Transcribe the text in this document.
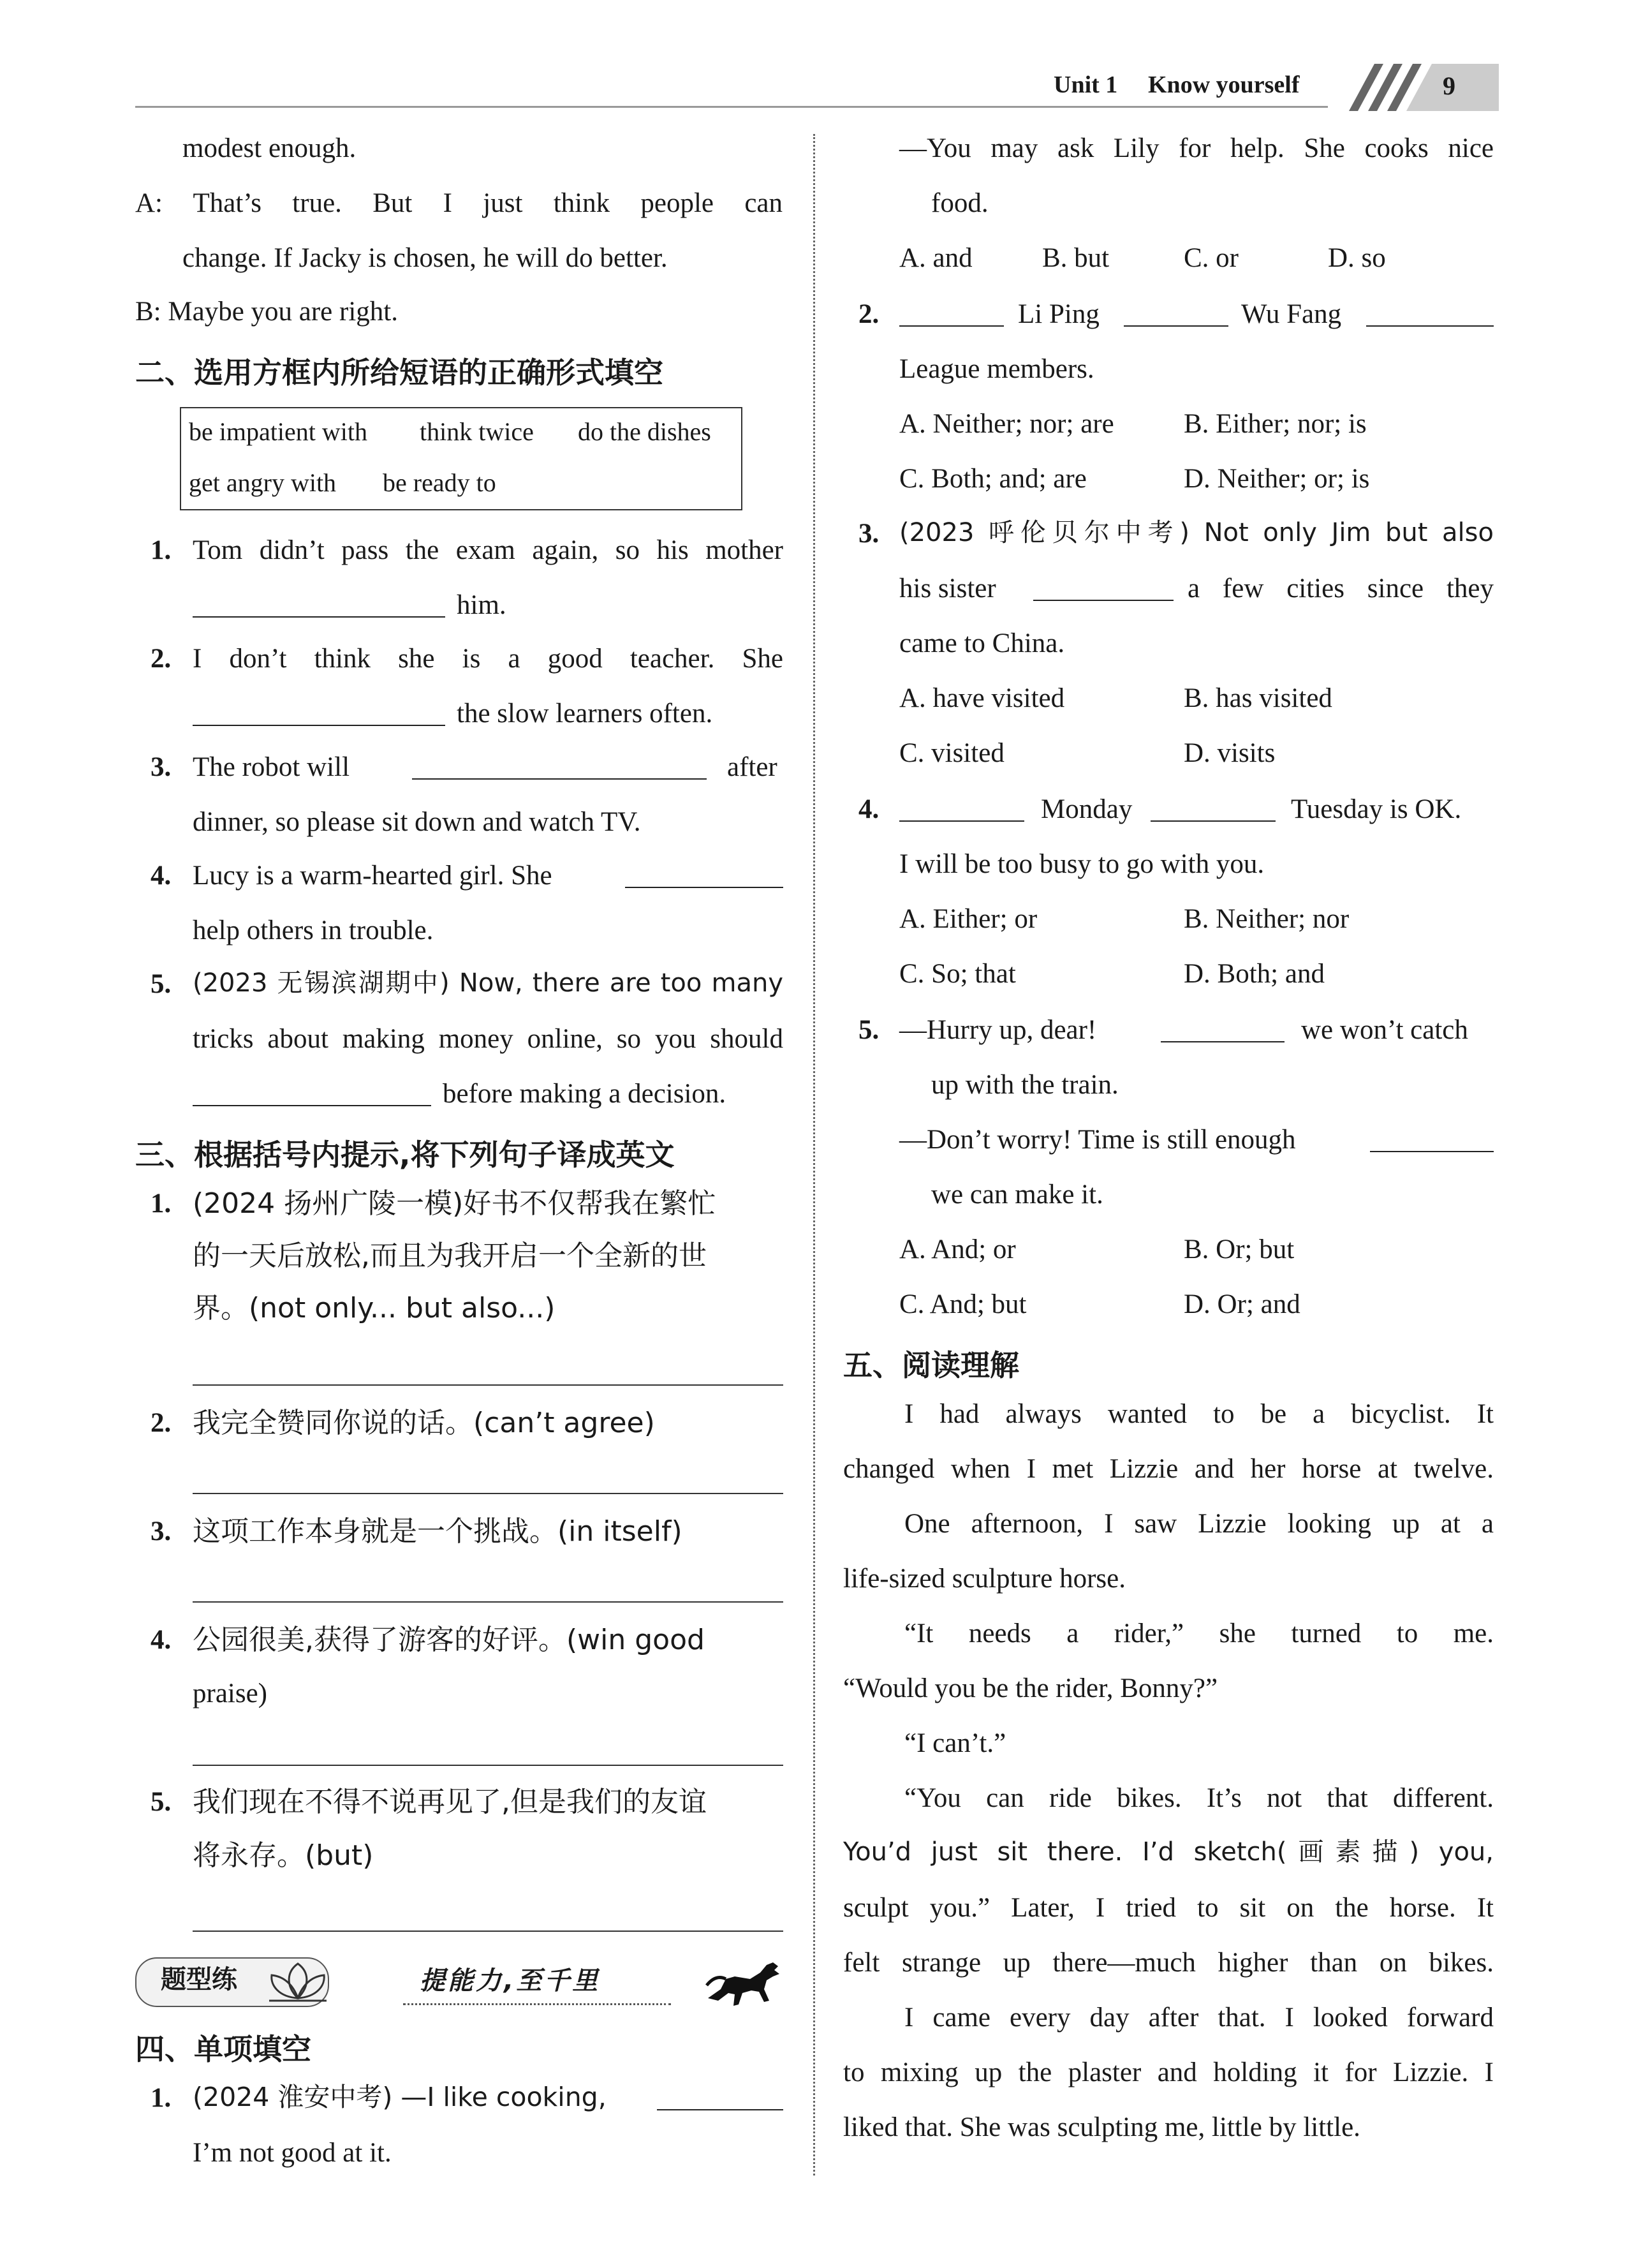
Unit 1 Know yourself	9
modest enough.
A: That’s true. But I just think people can
change. If Jacky is chosen, he will do better.
B: Maybe you are right.
二、选用方框内所给短语的正确形式填空
be impatient with think twice do the dishes
get angry with be ready to
1. Tom didn’t pass the exam again, so his mother
him.
2. I don’t think she is a good teacher. She
the slow learners often.
3. The robot will	after
dinner, so please sit down and watch TV.
4. Lucy is a warm-hearted girl. She
help others in trouble.
5. (2023 无锡滨湖期中) Now, there are too many
tricks about making money online, so you should
before making a decision.
三、根据括号内提示,将下列句子译成英文
1. (2024 扬州广陵一模)好书不仅帮我在繁忙
的一天后放松,而且为我开启一个全新的世
界。(not only... but also...)
2. 我完全赞同你说的话。(can’t agree)
3. 这项工作本身就是一个挑战。(in itself)
4. 公园很美,获得了游客的好评。(win good
praise)
5. 我们现在不得不说再见了,但是我们的友谊
将永存。(but)
题型练	提能力,至千里
四、单项填空
1. (2024 淮安中考) —I like cooking,
I’m not good at it.
—You may ask Lily for help. She cooks nice
food.
A. and	B. but	C. or	D. so
2.	Li Ping	Wu Fang
League members.
A. Neither; nor; are	B. Either; nor; is
C. Both; and; are	D. Neither; or; is
3. (2023 呼伦贝尔中考) Not only Jim but also
his sister	a few cities since they
came to China.
A. have visited	B. has visited
C. visited	D. visits
4.	Monday	Tuesday is OK.
I will be too busy to go with you.
A. Either; or	B. Neither; nor
C. So; that	D. Both; and
5. —Hurry up, dear!	we won’t catch
up with the train.
—Don’t worry! Time is still enough
we can make it.
A. And; or	B. Or; but
C. And; but	D. Or; and
五、阅读理解
I had always wanted to be a bicyclist. It
changed when I met Lizzie and her horse at twelve.
One afternoon, I saw Lizzie looking up at a
life-sized sculpture horse.
“It needs a rider,” she turned to me.
“Would you be the rider, Bonny?”
“I can’t.”
“You can ride bikes. It’s not that different.
You’d just sit there. I’d sketch(画素描) you,
sculpt you.” Later, I tried to sit on the horse. It
felt strange up there—much higher than on bikes.
I came every day after that. I looked forward
to mixing up the plaster and holding it for Lizzie. I
liked that. She was sculpting me, little by little.
